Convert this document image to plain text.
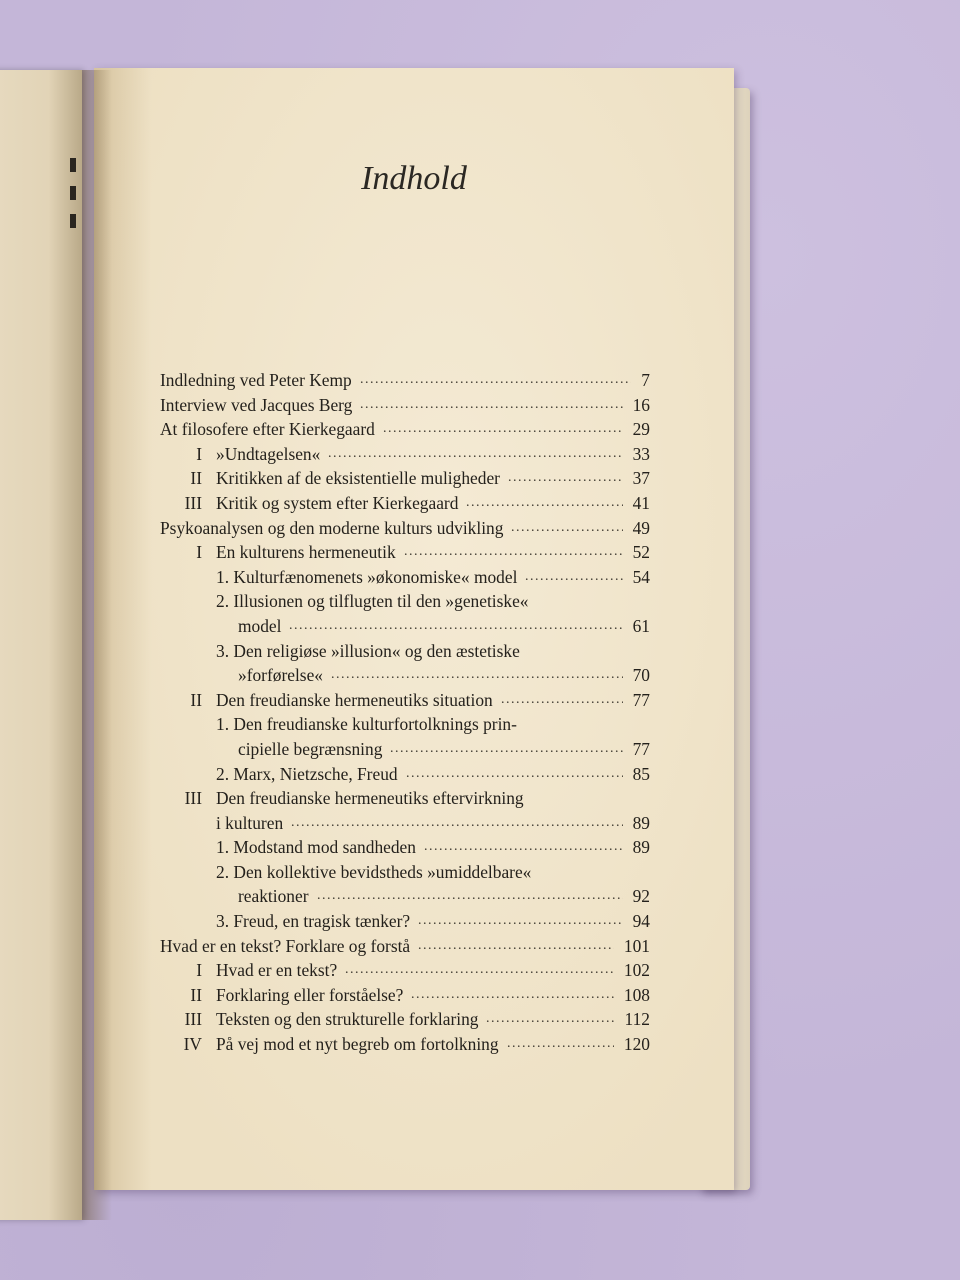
Indhold
Indledning ved Peter Kemp	7
.....
Interview ved Jacques Berg	16
.....
At filosofere efter Kierkegaard	29
.....
I »Undtagelsen«	33
.....
II Kritikken af de eksistentielle muligheder	37
.....
III Kritik og system efter Kierkegaard	41
.....
Psykoanalysen og den moderne kulturs udvikling	49
.....
I En kulturens hermeneutik	52
.....
1. Kulturfænomenets »økonomiske« model	54
.....
2. Illusionen og tilflugten til den »genetiske«
model	61
.....
3. Den religiøse »illusion« og den æstetiske
»forførelse«	70
.....
II Den freudianske hermeneutiks situation	77
.....
1. Den freudianske kulturfortolknings prin-
cipielle begrænsning	77
.....
2. Marx, Nietzsche, Freud	85
.....
III Den freudianske hermeneutiks eftervirkning
i kulturen	89
.....
1. Modstand mod sandheden	89
.....
2. Den kollektive bevidstheds »umiddelbare«
reaktioner	92
.....
3. Freud, en tragisk tænker?	94
.....
Hvad er en tekst? Forklare og forstå	101
.....
I Hvad er en tekst?	102
.....
II Forklaring eller forståelse?	108
.....
III Teksten og den strukturelle forklaring	112
.....
IV På vej mod et nyt begreb om fortolkning	120
.....
